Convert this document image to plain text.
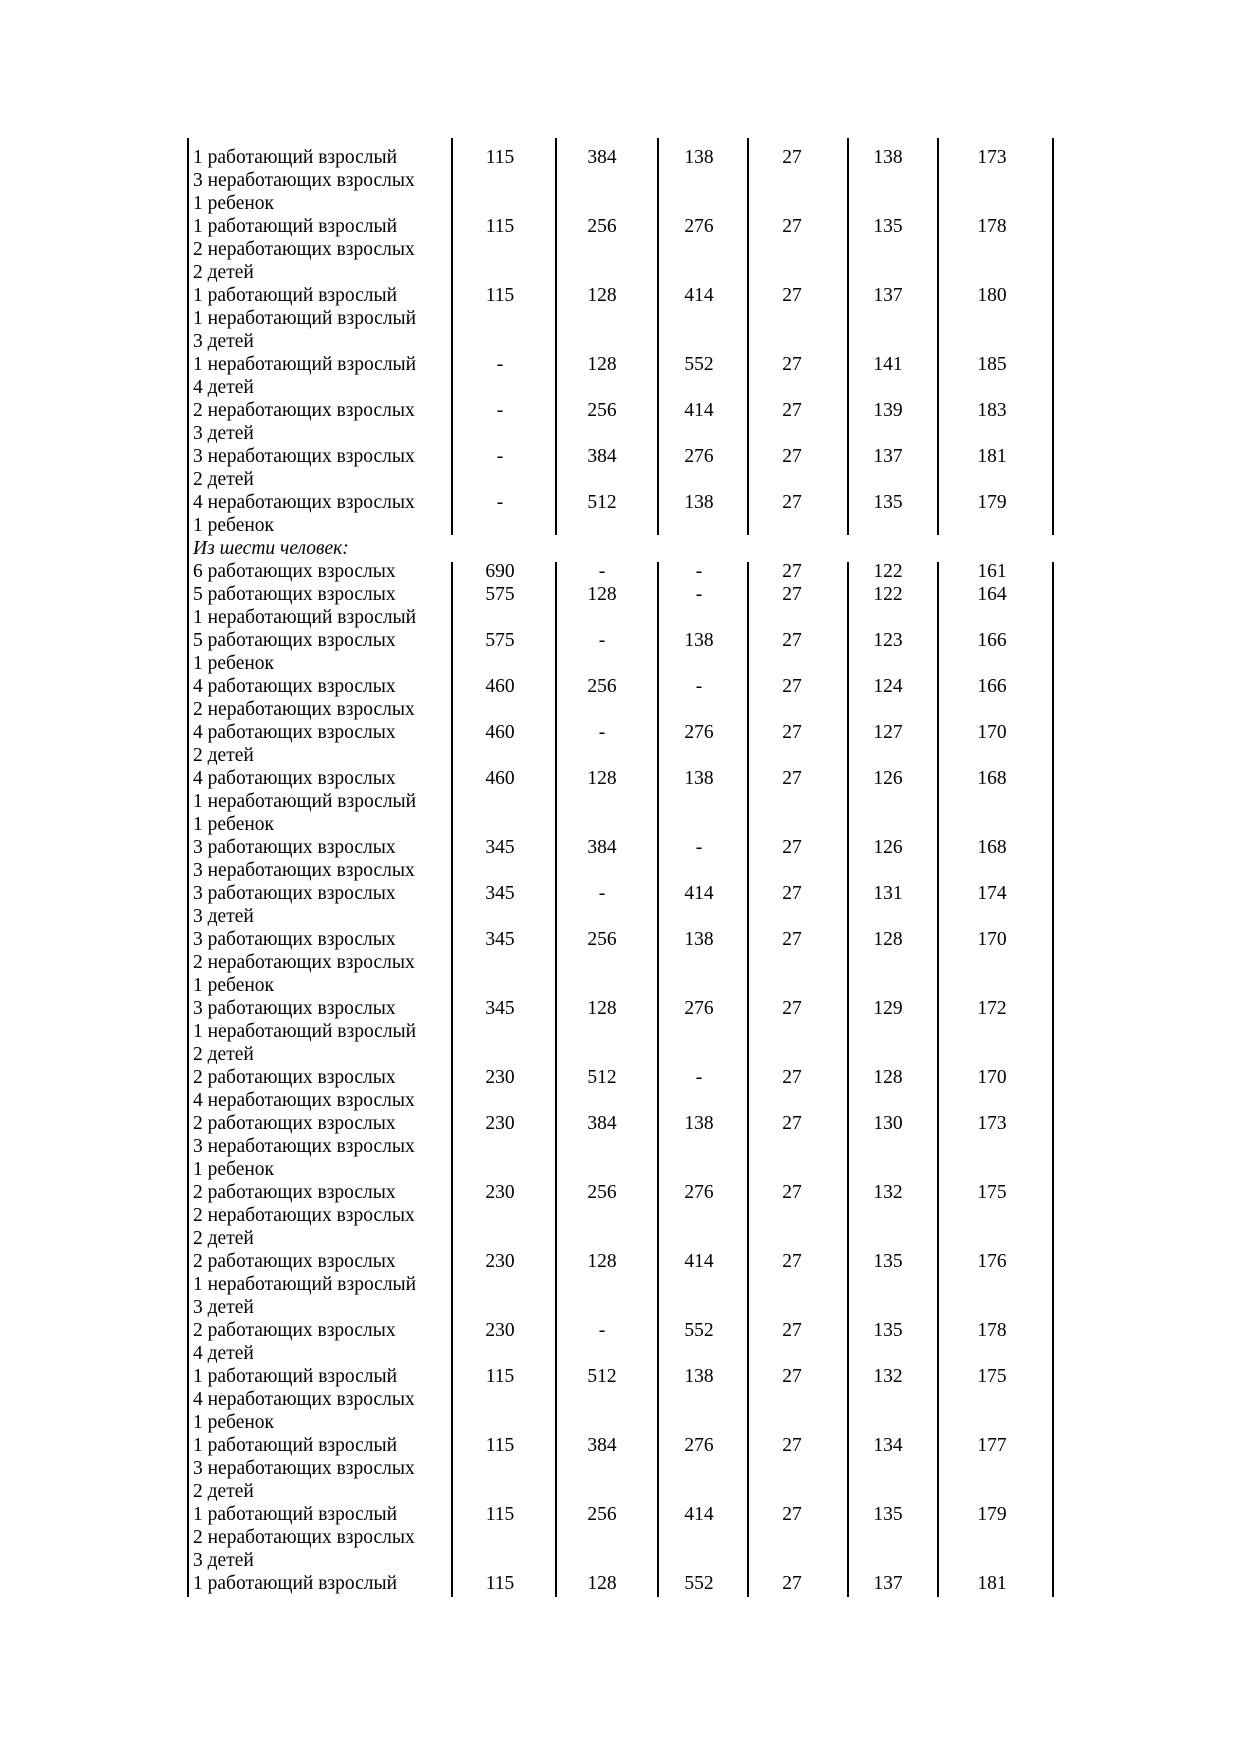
1 работающий взрослый
3 неработающих взрослых
1 ребенок
115	384	138	27	138	173
1 работающий взрослый
2 неработающих взрослых
2 детей
115	256	276	27	135	178
1 работающий взрослый
1 неработающий взрослый
3 детей
115	128	414	27	137	180
1 неработающий взрослый
4 детей
-	128	552	27	141	185
2 неработающих взрослых
3 детей
-	256	414	27	139	183
3 неработающих взрослых
2 детей
-	384	276	27	137	181
4 неработающих взрослых
1 ребенок
-	512	138	27	135	179
Из шести человек:
6 работающих взрослых	690	-	-	27	122	161
5 работающих взрослых
1 неработающий взрослый
575	128	-	27	122	164
5 работающих взрослых
1 ребенок
575	-	138	27	123	166
4 работающих взрослых
2 неработающих взрослых
460	256	-	27	124	166
4 работающих взрослых
2 детей
460	-	276	27	127	170
4 работающих взрослых
1 неработающий взрослый
1 ребенок
460	128	138	27	126	168
3 работающих взрослых
3 неработающих взрослых
345	384	-	27	126	168
3 работающих взрослых
3 детей
345	-	414	27	131	174
3 работающих взрослых
2 неработающих взрослых
1 ребенок
345	256	138	27	128	170
3 работающих взрослых
1 неработающий взрослый
2 детей
345	128	276	27	129	172
2 работающих взрослых
4 неработающих взрослых
230	512	-	27	128	170
2 работающих взрослых
3 неработающих взрослых
1 ребенок
230	384	138	27	130	173
2 работающих взрослых
2 неработающих взрослых
2 детей
230	256	276	27	132	175
2 работающих взрослых
1 неработающий взрослый
3 детей
230	128	414	27	135	176
2 работающих взрослых
4 детей
230	-	552	27	135	178
1 работающий взрослый
4 неработающих взрослых
1 ребенок
115	512	138	27	132	175
1 работающий взрослый
3 неработающих взрослых
2 детей
115	384	276	27	134	177
1 работающий взрослый
2 неработающих взрослых
3 детей
115	256	414	27	135	179
1 работающий взрослый	115	128	552	27	137	181
